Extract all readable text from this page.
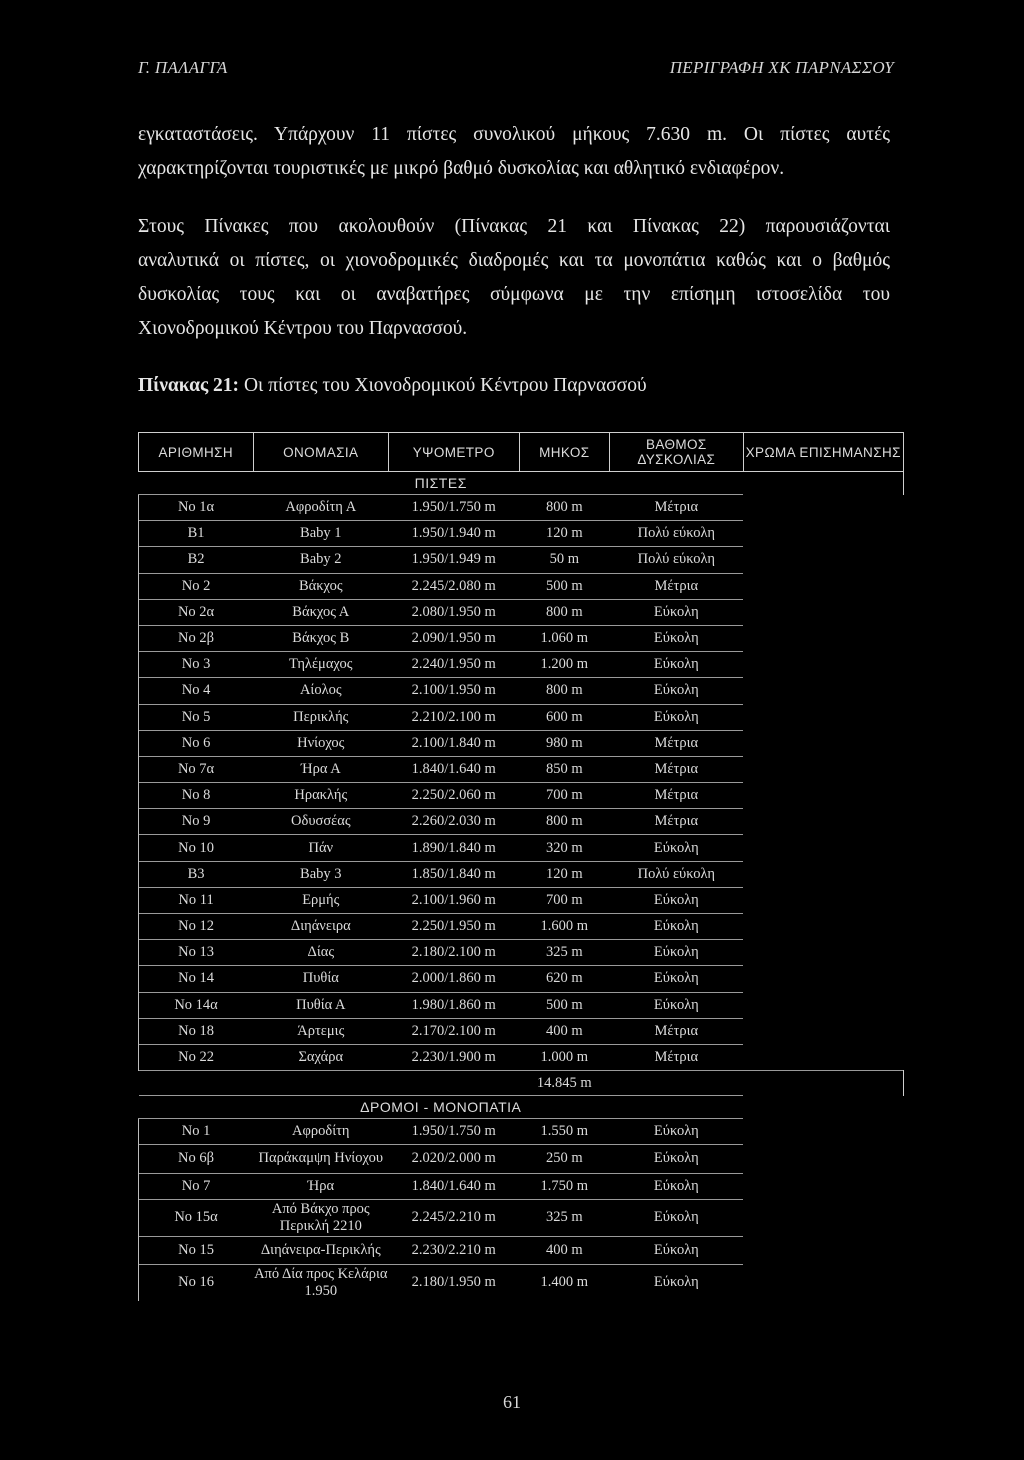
Γ. ΠΑΛΑΓΓΑ	ΠΕΡΙΓΡΑΦΗ ΧΚ ΠΑΡΝΑΣΣΟΥ
εγκαταστάσεις. Υπάρχουν 11 πίστες συνολικού μήκους 7.630 m. Οι πίστες αυτές
χαρακτηρίζονται τουριστικές με μικρό βαθμό δυσκολίας και αθλητικό ενδιαφέρον.
Στους Πίνακες που ακολουθούν (Πίνακας 21 και Πίνακας 22) παρουσιάζονται
αναλυτικά οι πίστες, οι χιονοδρομικές διαδρομές και τα μονοπάτια καθώς και ο βαθμός
δυσκολίας τους και οι αναβατήρες σύμφωνα με την επίσημη ιστοσελίδα του
Χιονοδρομικού Κέντρου του Παρνασσού.
Πίνακας 21: Οι πίστες του Χιονοδρομικού Κέντρου Παρνασσού
ΑΡΙΘΜΗΣΗ	ΟΝΟΜΑΣΙΑ	ΥΨΟΜΕΤΡΟ	ΜΗΚΟΣ	ΒΑΘΜΟΣ ΔΥΣΚΟΛΙΑΣ	ΧΡΩΜΑ ΕΠΙΣΗΜΑΝΣΗΣ
ΠΙΣΤΕΣ					
Νο 1α	Αφροδίτη Α	1.950/1.750 m	800 m	Μέτρια	
B1	Baby 1	1.950/1.940 m	120 m	Πολύ εύκολη	
B2	Baby 2	1.950/1.949 m	50 m	Πολύ εύκολη	
Νο 2	Βάκχος	2.245/2.080 m	500 m	Μέτρια	
Νο 2α	Βάκχος Α	2.080/1.950 m	800 m	Εύκολη	
Νο 2β	Βάκχος Β	2.090/1.950 m	1.060 m	Εύκολη	
Νο 3	Τηλέμαχος	2.240/1.950 m	1.200 m	Εύκολη	
Νο 4	Αίολος	2.100/1.950 m	800 m	Εύκολη	
Νο 5	Περικλής	2.210/2.100 m	600 m	Εύκολη	
Νο 6	Ηνίοχος	2.100/1.840 m	980 m	Μέτρια	
Νο 7α	Ήρα Α	1.840/1.640 m	850 m	Μέτρια	
Νο 8	Ηρακλής	2.250/2.060 m	700 m	Μέτρια	
Νο 9	Οδυσσέας	2.260/2.030 m	800 m	Μέτρια	
Νο 10	Πάν	1.890/1.840 m	320 m	Εύκολη	
B3	Baby 3	1.850/1.840 m	120 m	Πολύ εύκολη	
Νο 11	Ερμής	2.100/1.960 m	700 m	Εύκολη	
Νο 12	Διηάνειρα	2.250/1.950 m	1.600 m	Εύκολη	
Νο 13	Δίας	2.180/2.100 m	325 m	Εύκολη	
Νο 14	Πυθία	2.000/1.860 m	620 m	Εύκολη	
Νο 14α	Πυθία Α	1.980/1.860 m	500 m	Εύκολη	
Νο 18	Άρτεμις	2.170/2.100 m	400 m	Μέτρια	
Νο 22	Σαχάρα	2.230/1.900 m	1.000 m	Μέτρια	
			14.845 m		
ΔΡΟΜΟΙ - ΜΟΝΟΠΑΤΙΑ					
Νο 1	Αφροδίτη	1.950/1.750 m	1.550 m	Εύκολη	
Νο 6β	Παράκαμψη Ηνίοχου	2.020/2.000 m	250 m	Εύκολη	
Νο 7	Ήρα	1.840/1.640 m	1.750 m	Εύκολη	
Νο 15α	Από Βάκχο προς Περικλή 2210	2.245/2.210 m	325 m	Εύκολη	
Νο 15	Διηάνειρα-Περικλής	2.230/2.210 m	400 m	Εύκολη	
Νο 16	Από Δία προς Κελάρια 1.950	2.180/1.950 m	1.400 m	Εύκολη	
61
